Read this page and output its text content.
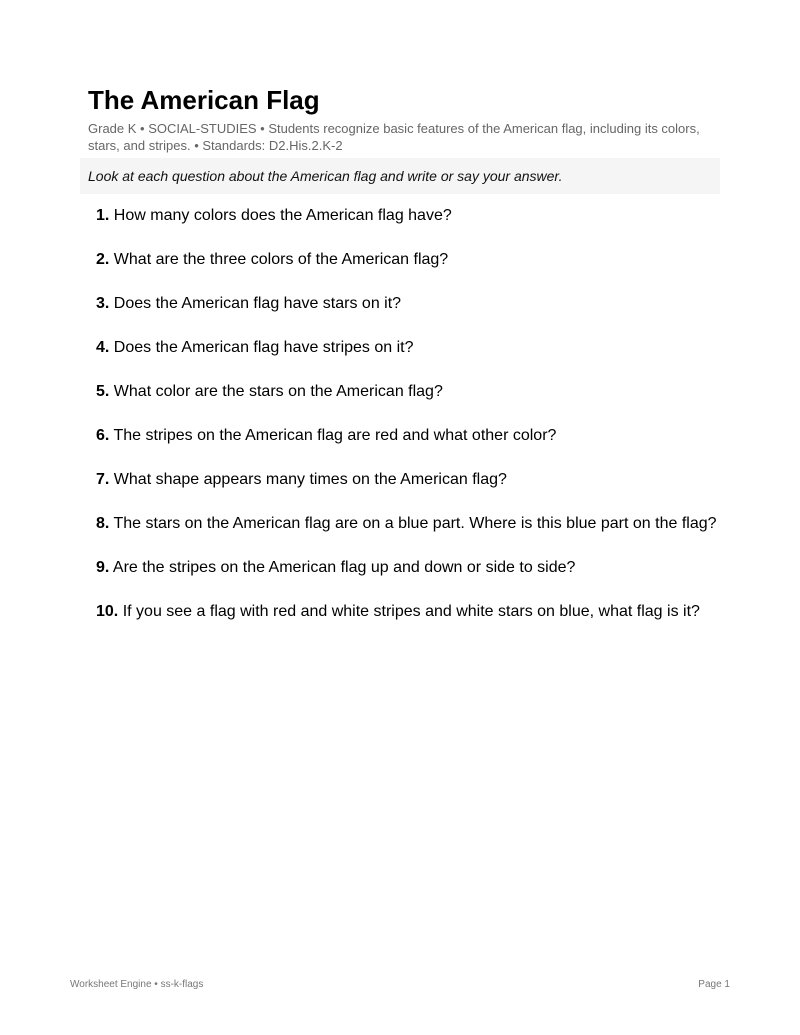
The American Flag

Grade K • SOCIAL-STUDIES • Students recognize basic features of the American flag, including its colors, stars, and stripes. • Standards: D2.His.2.K-2

Look at each question about the American flag and write or say your answer.
1. How many colors does the American flag have?
2. What are the three colors of the American flag?
3. Does the American flag have stars on it?
4. Does the American flag have stripes on it?
5. What color are the stars on the American flag?
6. The stripes on the American flag are red and what other color?
7. What shape appears many times on the American flag?
8. The stars on the American flag are on a blue part. Where is this blue part on the flag?
9. Are the stripes on the American flag up and down or side to side?
10. If you see a flag with red and white stripes and white stars on blue, what flag is it?
Worksheet Engine • ss-k-flags	Page 1
